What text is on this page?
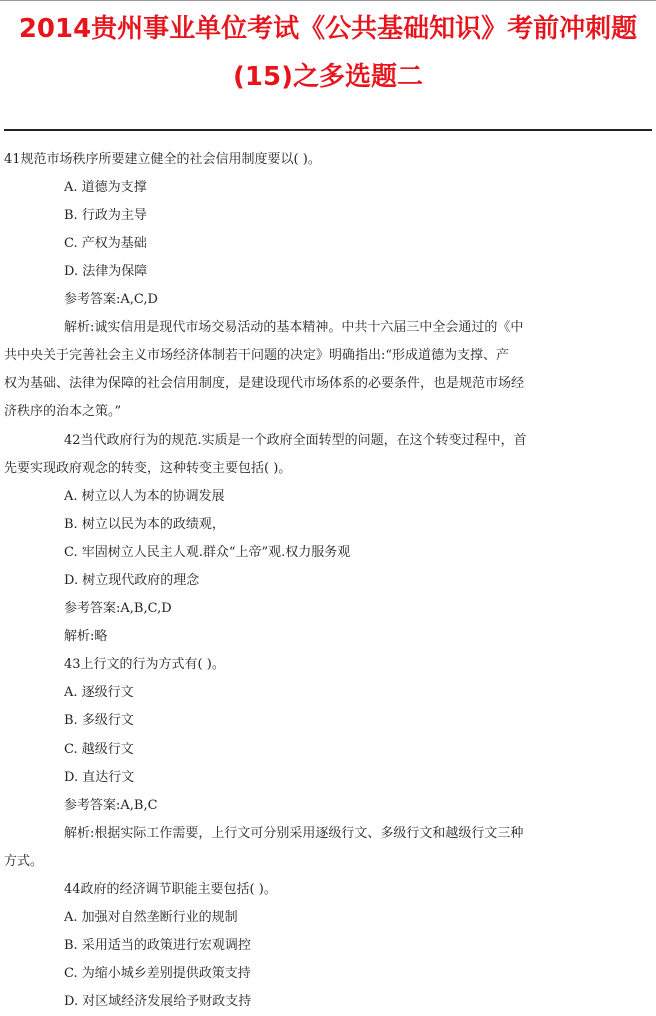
2014贵州事业单位考试《公共基础知识》考前冲刺题
(15)之多选题二
41规范市场秩序所要建立健全的社会信用制度要以( )。
A. 道德为支撑
B. 行政为主导
C. 产权为基础
D. 法律为保障
参考答案:A,C,D
解析:诚实信用是现代市场交易活动的基本精神。中共十六届三中全会通过的《中
共中央关于完善社会主义市场经济体制若干问题的决定》明确指出:“形成道德为支撑、产
权为基础、法律为保障的社会信用制度，是建设现代市场体系的必要条件，也是规范市场经
济秩序的治本之策。”
42当代政府行为的规范.实质是一个政府全面转型的问题，在这个转变过程中，首
先要实现政府观念的转变，这种转变主要包括( )。
A. 树立以人为本的协调发展
B. 树立以民为本的政绩观，
C. 牢固树立人民主人观.群众“上帝”观.权力服务观
D. 树立现代政府的理念
参考答案:A,B,C,D
解析:略
43上行文的行为方式有( )。
A. 逐级行文
B. 多级行文
C. 越级行文
D. 直达行文
参考答案:A,B,C
解析:根据实际工作需要，上行文可分别采用逐级行文、多级行文和越级行文三种
方式。
44政府的经济调节职能主要包括( )。
A. 加强对自然垄断行业的规制
B. 采用适当的政策进行宏观调控
C. 为缩小城乡差别提供政策支持
D. 对区域经济发展给予财政支持
